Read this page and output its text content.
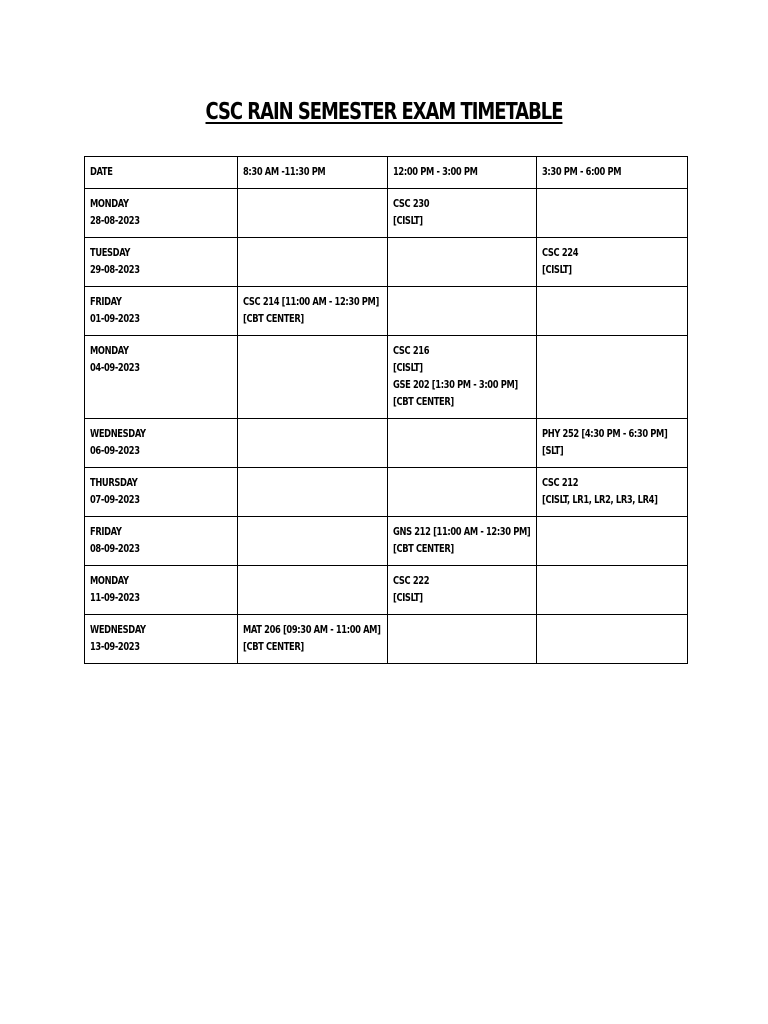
CSC RAIN SEMESTER EXAM TIMETABLE
DATE	8:30 AM -11:30 PM	12:00 PM - 3:00 PM	3:30 PM - 6:00 PM

MONDAY
28-08-2023		CSC 230
[CISLT]	

TUESDAY
29-08-2023			CSC 224
[CISLT]

FRIDAY
01-09-2023	CSC 214 [11:00 AM - 12:30 PM]
[CBT CENTER]		

MONDAY
04-09-2023		CSC 216
[CISLT]
GSE 202 [1:30 PM - 3:00 PM]
[CBT CENTER]	

WEDNESDAY
06-09-2023			PHY 252 [4:30 PM - 6:30 PM]
[SLT]

THURSDAY
07-09-2023			CSC 212
[CISLT, LR1, LR2, LR3, LR4]

FRIDAY
08-09-2023		GNS 212 [11:00 AM - 12:30 PM]
[CBT CENTER]	

MONDAY
11-09-2023		CSC 222
[CISLT]	

WEDNESDAY
13-09-2023	MAT 206 [09:30 AM - 11:00 AM]
[CBT CENTER]		
